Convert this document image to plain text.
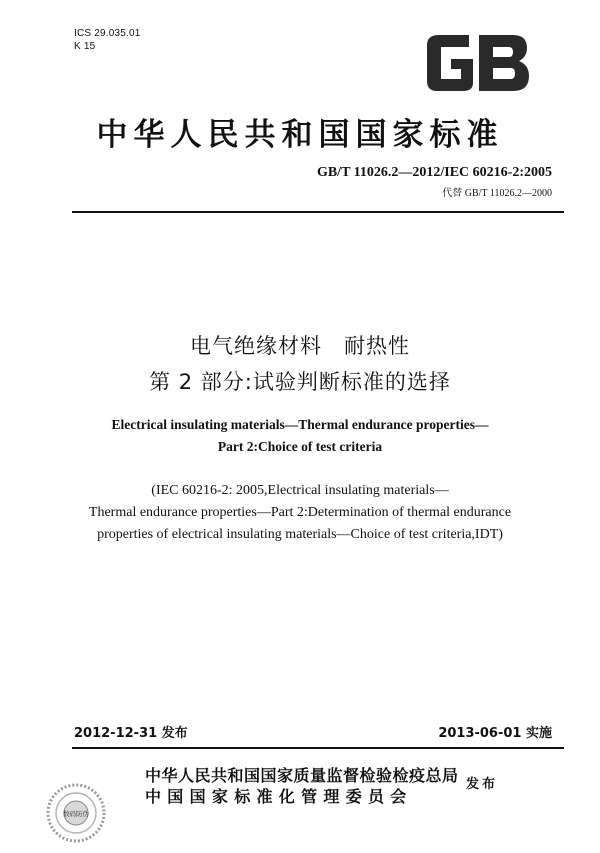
ICS 29.035.01
K 15
中华人民共和国国家标准
GB/T 11026.2—2012/IEC 60216-2:2005
代替 GB/T 11026.2—2000
电气绝缘材料　耐热性
第 2 部分:试验判断标准的选择
Electrical insulating materials—Thermal endurance properties—
Part 2:Choice of test criteria
(IEC 60216-2: 2005,Electrical insulating materials—
Thermal endurance properties—Part 2:Determination of thermal endurance
properties of electrical insulating materials—Choice of test criteria,IDT)
2012-12-31 发布	2013-06-01 实施
中华人民共和国国家质量监督检验检疫总局
中国国家标准化管理委员会
发布
数码防伪
